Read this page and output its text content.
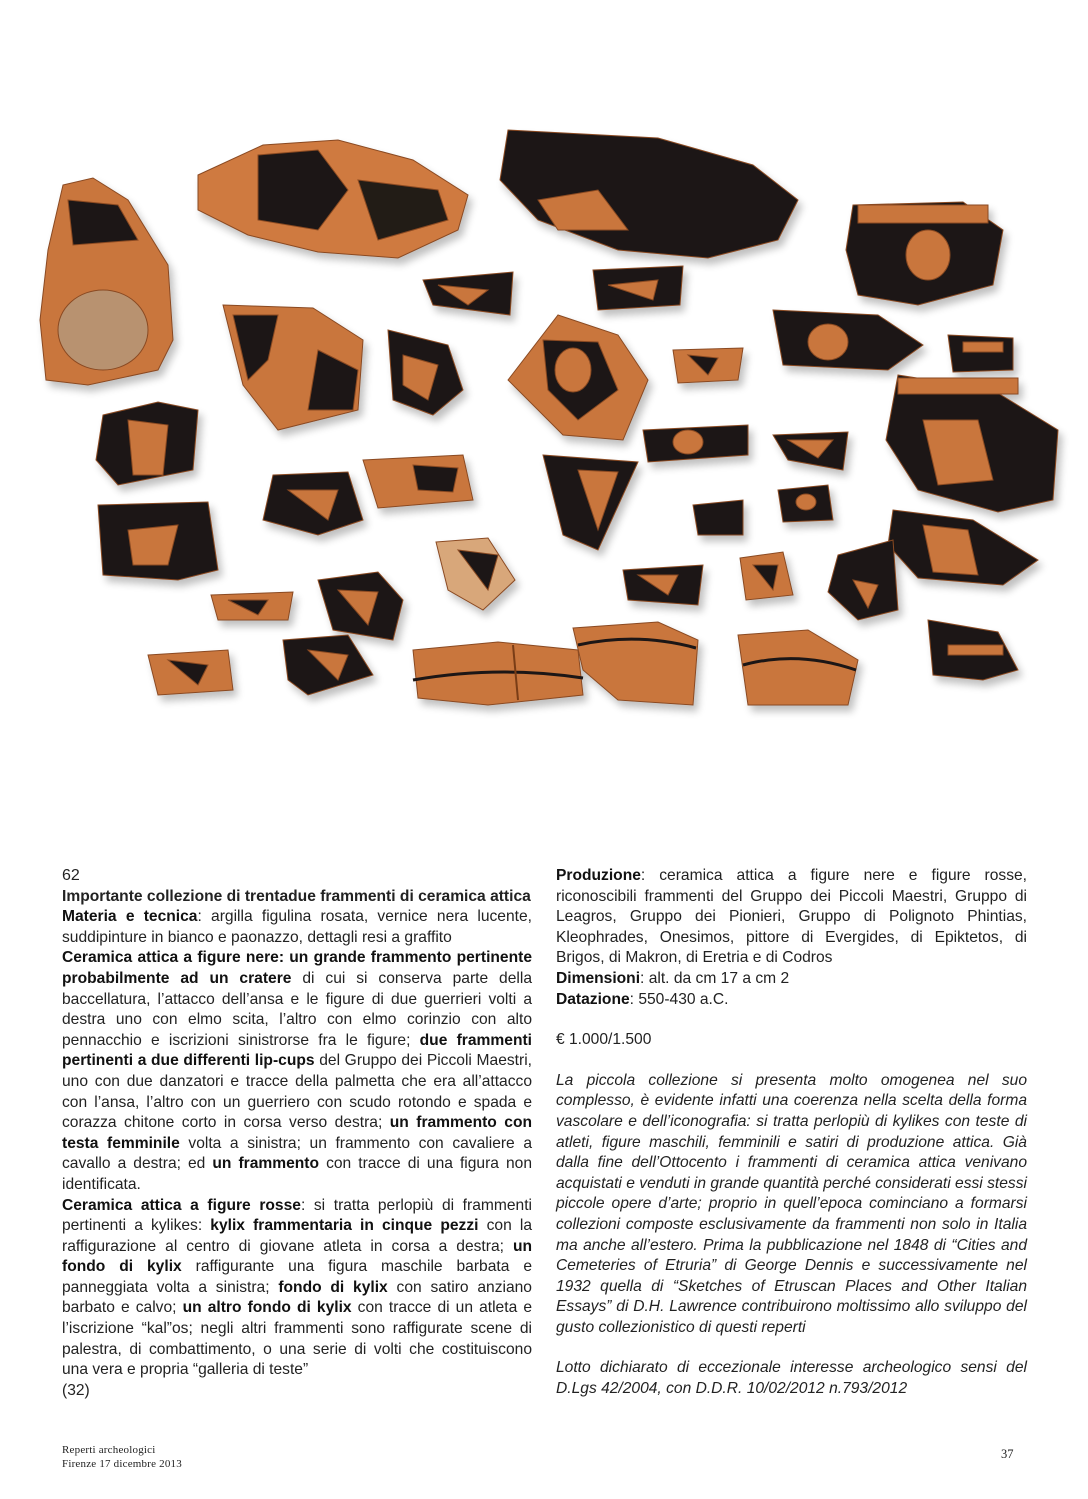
62

Importante collezione di trentadue frammenti di ceramica attica

Materia e tecnica: argilla figulina rosata, vernice nera lucente, suddipinture in bianco e paonazzo, dettagli resi a graffito

Ceramica attica a figure nere: un grande frammento pertinente probabilmente ad un cratere di cui si conserva parte della baccellatura, l’attacco dell’ansa e le figure di due guerrieri volti a destra uno con elmo scita, l’altro con elmo corinzio con alto pennacchio e iscrizioni sinistrorse fra le figure; due frammenti pertinenti a due differenti lip-cups del Gruppo dei Piccoli Maestri, uno con due danzatori e tracce della palmetta che era all’attacco con l’ansa, l’altro con un guerriero con scudo rotondo e spada e corazza chitone corto in corsa verso destra; un frammento con testa femminile volta a sinistra; un frammento con cavaliere a cavallo a destra; ed un frammento con tracce di una figura non identificata.

Ceramica attica a figure rosse: si tratta perlopiù di frammenti pertinenti a kylikes: kylix frammentaria in cinque pezzi con la raffigurazione al centro di giovane atleta in corsa a destra; un fondo di kylix raffigurante una figura maschile barbata e panneggiata volta a sinistra; fondo di kylix con satiro anziano barbato e calvo; un altro fondo di kylix con tracce di un atleta e l’iscrizione “kal”os; negli altri frammenti sono raffigurate scene di palestra, di combattimento, o una serie di volti che costituiscono una vera e propria “galleria di teste”

(32)

Produzione: ceramica attica a figure nere e figure rosse, riconoscibili frammenti del Gruppo dei Piccoli Maestri, Gruppo di Leagros, Gruppo dei Pionieri, Gruppo di Polignoto Phintias, Kleophrades, Onesimos, pittore di Evergides, di Epiktetos, di Brigos, di Makron, di Eretria e di Codros

Dimensioni: alt. da cm 17 a cm 2

Datazione: 550-430 a.C.

€ 1.000/1.500

La piccola collezione si presenta molto omogenea nel suo complesso, è evidente infatti una coerenza nella scelta della forma vascolare e dell’iconografia: si tratta perlopiù di kylikes con teste di atleti, figure maschili, femminili e satiri di produzione attica. Già dalla fine dell’Ottocento i frammenti di ceramica attica venivano acquistati e venduti in grande quantità perché considerati essi stessi piccole opere d’arte; proprio in quell’epoca cominciano a formarsi collezioni composte esclusivamente da frammenti non solo in Italia ma anche all’estero. Prima la pubblicazione nel 1848 di “Cities and Cemeteries of Etruria” di George Dennis e successivamente nel 1932 quella di “Sketches of Etruscan Places and Other Italian Essays” di D.H. Lawrence contribuirono moltissimo allo sviluppo del gusto collezionistico di questi reperti

Lotto dichiarato di eccezionale interesse archeologico sensi del D.Lgs 42/2004, con D.D.R. 10/02/2012 n.793/2012

Reperti archeologici
Firenze 17 dicembre 2013
37
